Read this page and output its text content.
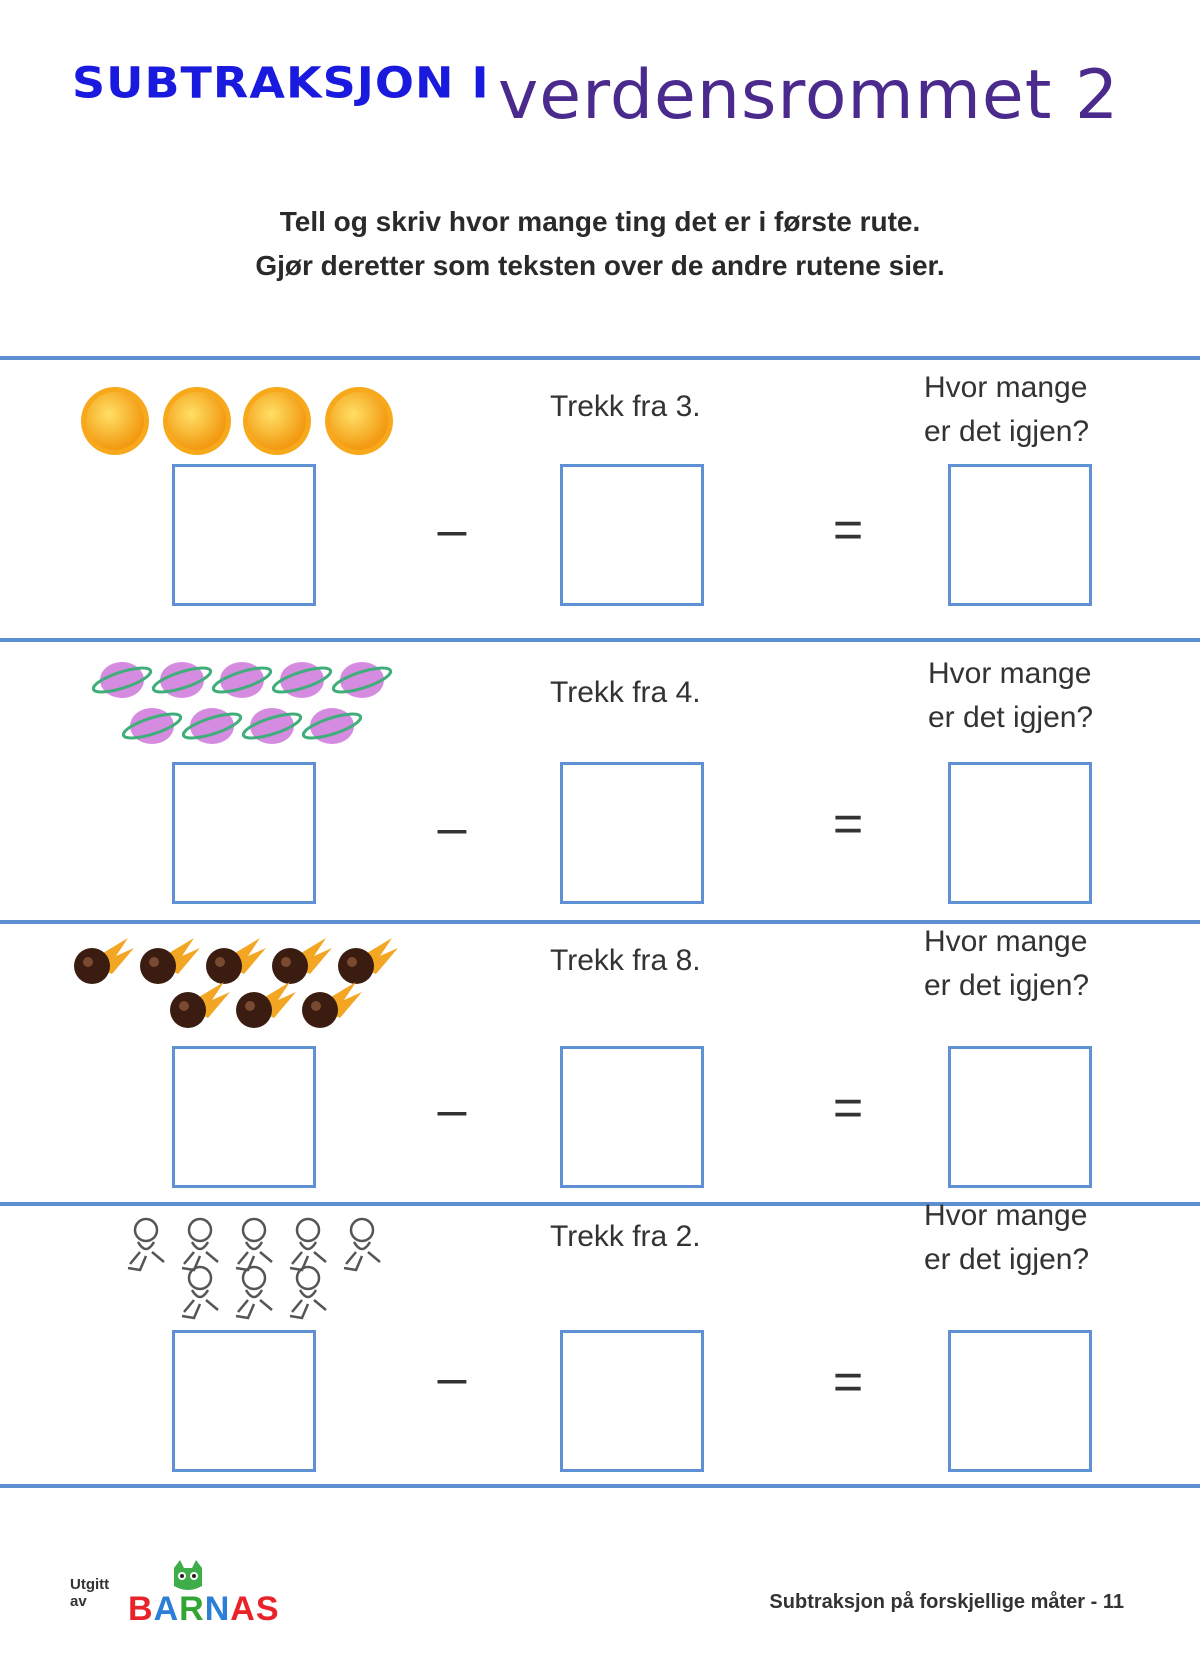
SUBTRAKSJON I verdensrommet 2
Tell og skriv hvor mange ting det er i første rute.
Gjør deretter som teksten over de andre rutene sier.
Trekk fra 3.
Hvor mange
er det igjen?
–	=
Trekk fra 4.
Hvor mange
er det igjen?
–	=
Trekk fra 8.
Hvor mange
er det igjen?
–	=
Trekk fra 2.
Hvor mange
er det igjen?
–	=
Utgitt av	BARNAS	Subtraksjon på forskjellige måter - 11
